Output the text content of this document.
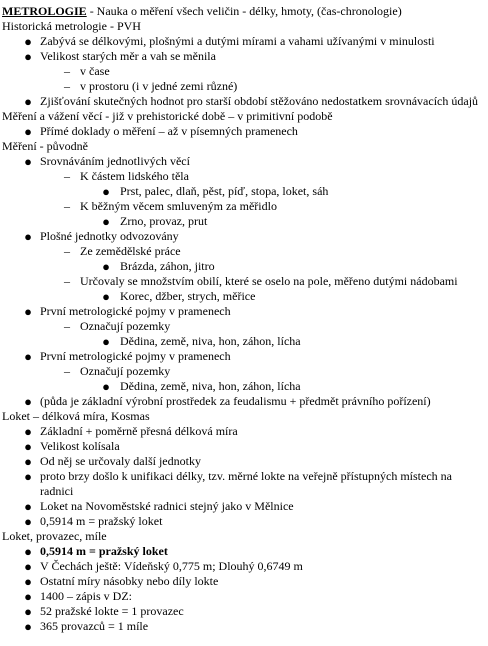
METROLOGIE - Nauka o měření všech veličin - délky, hmoty, (čas-chronologie)
Historická metrologie - PVH
● Zabývá se délkovými, plošnými a dutými mírami a vahami užívanými v minulosti
● Velikost starých měr a vah se měnila
– v čase
– v prostoru (i v jedné zemi různé)
● Zjišťování skutečných hodnot pro starší období stěžováno nedostatkem srovnávacích údajů
Měření a vážení věcí - již v prehistorické době – v primitivní podobě
● Přímé doklady o měření – až v písemných pramenech
Měření - původně
● Srovnáváním jednotlivých věcí
– K částem lidského těla
● Prst, palec, dlaň, pěst, píď, stopa, loket, sáh
– K běžným věcem smluveným za měřidlo
● Zrno, provaz, prut
● Plošné jednotky odvozovány
– Ze zemědělské práce
● Brázda, záhon, jitro
– Určovaly se množstvím obilí, které se oselo na pole, měřeno dutými nádobami
● Korec, džber, strych, měřice
● První metrologické pojmy v pramenech
– Označují pozemky
● Dědina, země, niva, hon, záhon, lícha
● První metrologické pojmy v pramenech
– Označují pozemky
● Dědina, země, niva, hon, záhon, lícha
● (půda je základní výrobní prostředek za feudalismu + předmět právního pořízení)
Loket – délková míra, Kosmas
● Základní + poměrně přesná délková míra
● Velikost kolísala
● Od něj se určovaly další jednotky
● proto brzy došlo k unifikaci délky, tzv. měrné lokte na veřejně přístupných místech na radnici
● Loket na Novoměstské radnici stejný jako v Mělnice
● 0,5914 m = pražský loket
Loket, provazec, míle
● 0,5914 m = pražský loket
● V Čechách ještě: Vídeňský 0,775 m; Dlouhý 0,6749 m
● Ostatní míry násobky nebo díly lokte
● 1400 – zápis v DZ:
● 52 pražské lokte = 1 provazec
● 365 provazců = 1 míle
